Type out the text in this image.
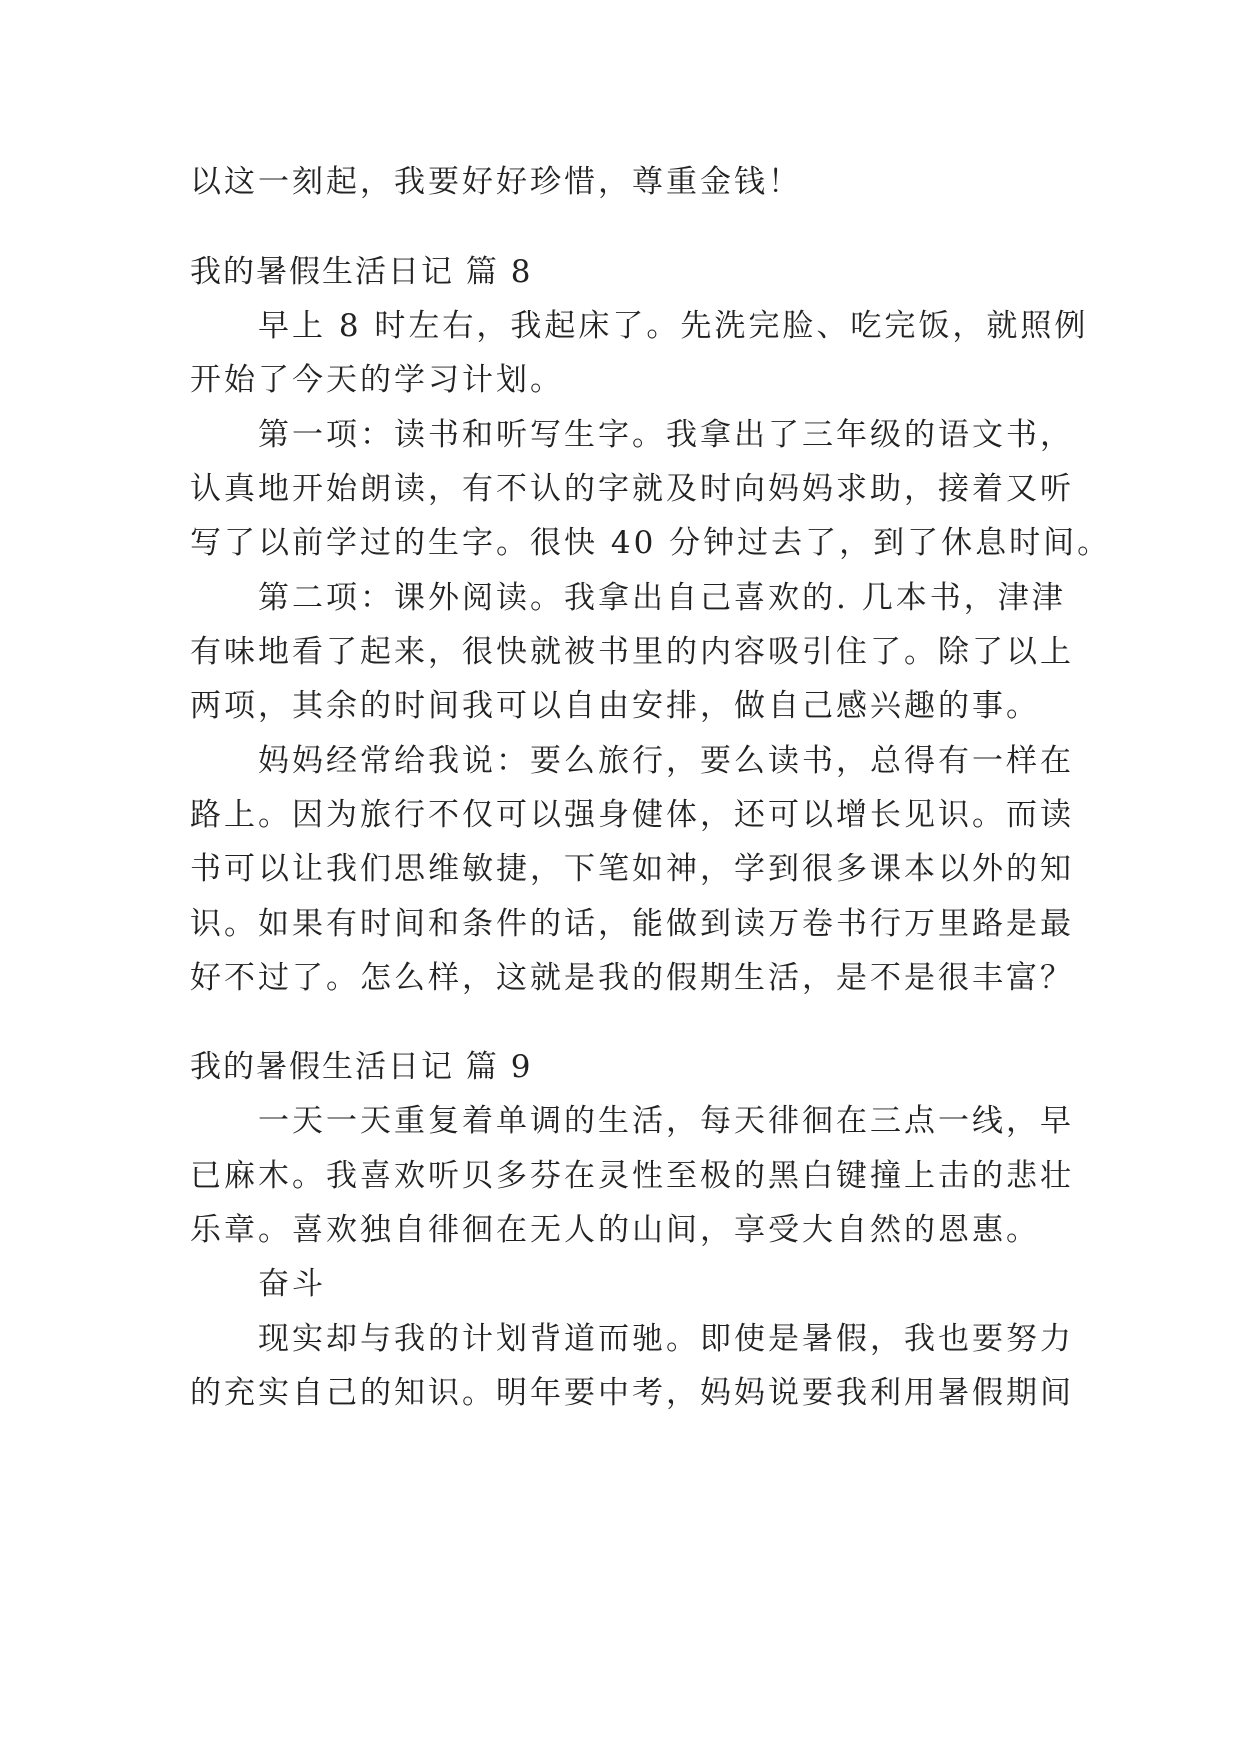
以这一刻起，我要好好珍惜，尊重金钱！
我的暑假生活日记 篇 8
早上 8 时左右，我起床了。先洗完脸、吃完饭，就照例
开始了今天的学习计划。
第一项：读书和听写生字。我拿出了三年级的语文书，
认真地开始朗读，有不认的字就及时向妈妈求助，接着又听
写了以前学过的生字。很快 40 分钟过去了，到了休息时间。
第二项：课外阅读。我拿出自己喜欢的. 几本书，津津
有味地看了起来，很快就被书里的内容吸引住了。除了以上
两项，其余的时间我可以自由安排，做自己感兴趣的事。
妈妈经常给我说：要么旅行，要么读书，总得有一样在
路上。因为旅行不仅可以强身健体，还可以增长见识。而读
书可以让我们思维敏捷，下笔如神，学到很多课本以外的知
识。如果有时间和条件的话，能做到读万卷书行万里路是最
好不过了。怎么样，这就是我的假期生活，是不是很丰富？
我的暑假生活日记 篇 9
一天一天重复着单调的生活，每天徘徊在三点一线，早
已麻木。我喜欢听贝多芬在灵性至极的黑白键撞上击的悲壮
乐章。喜欢独自徘徊在无人的山间，享受大自然的恩惠。
奋斗
现实却与我的计划背道而驰。即使是暑假，我也要努力
的充实自己的知识。明年要中考，妈妈说要我利用暑假期间
